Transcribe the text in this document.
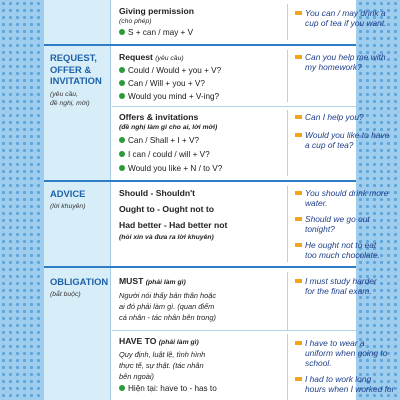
Giving permission
(cho phép)
S + can / may + V
You can / may drink a
cup of tea if you want.
REQUEST,
OFFER &
INVITATION
(yêu cầu,
đề nghị, mời)
Request (yêu cầu)
Could / Would + you + V?
Can / Will + you + V?
Would you mind + V-ing?
Can you help me with
my homework?
Offers & invitations
(đề nghị làm gì cho ai, lời mời)
Can / Shall + I + V?
I can / could / will + V?
Would you like + N / to V?
Can I help you?
Would you like to have
a cup of tea?
ADVICE
(lời khuyên)
Should - Shouldn't
Ought to - Ought not to
Had better - Had better not
(hỏi xin và đưa ra lời khuyên)
You should drink more
water.
Should we go out
tonight?
He ought not to eat
too much chocolate.
OBLIGATION
(bắt buộc)
MUST (phải làm gì)
Người nói thấy bản thân hoặc
ai đó phải làm gì. (quan điểm
cá nhân - tác nhân bên trong)
I must study harder
for the final exam.
HAVE TO (phải làm gì)
Quy định, luật lệ, tình hình
thực tế, sự thật. (tác nhân
bên ngoài)
Hiện tại: have to - has to
I have to wear a
uniform when going to
school.
I had to work long
hours when I worked for
